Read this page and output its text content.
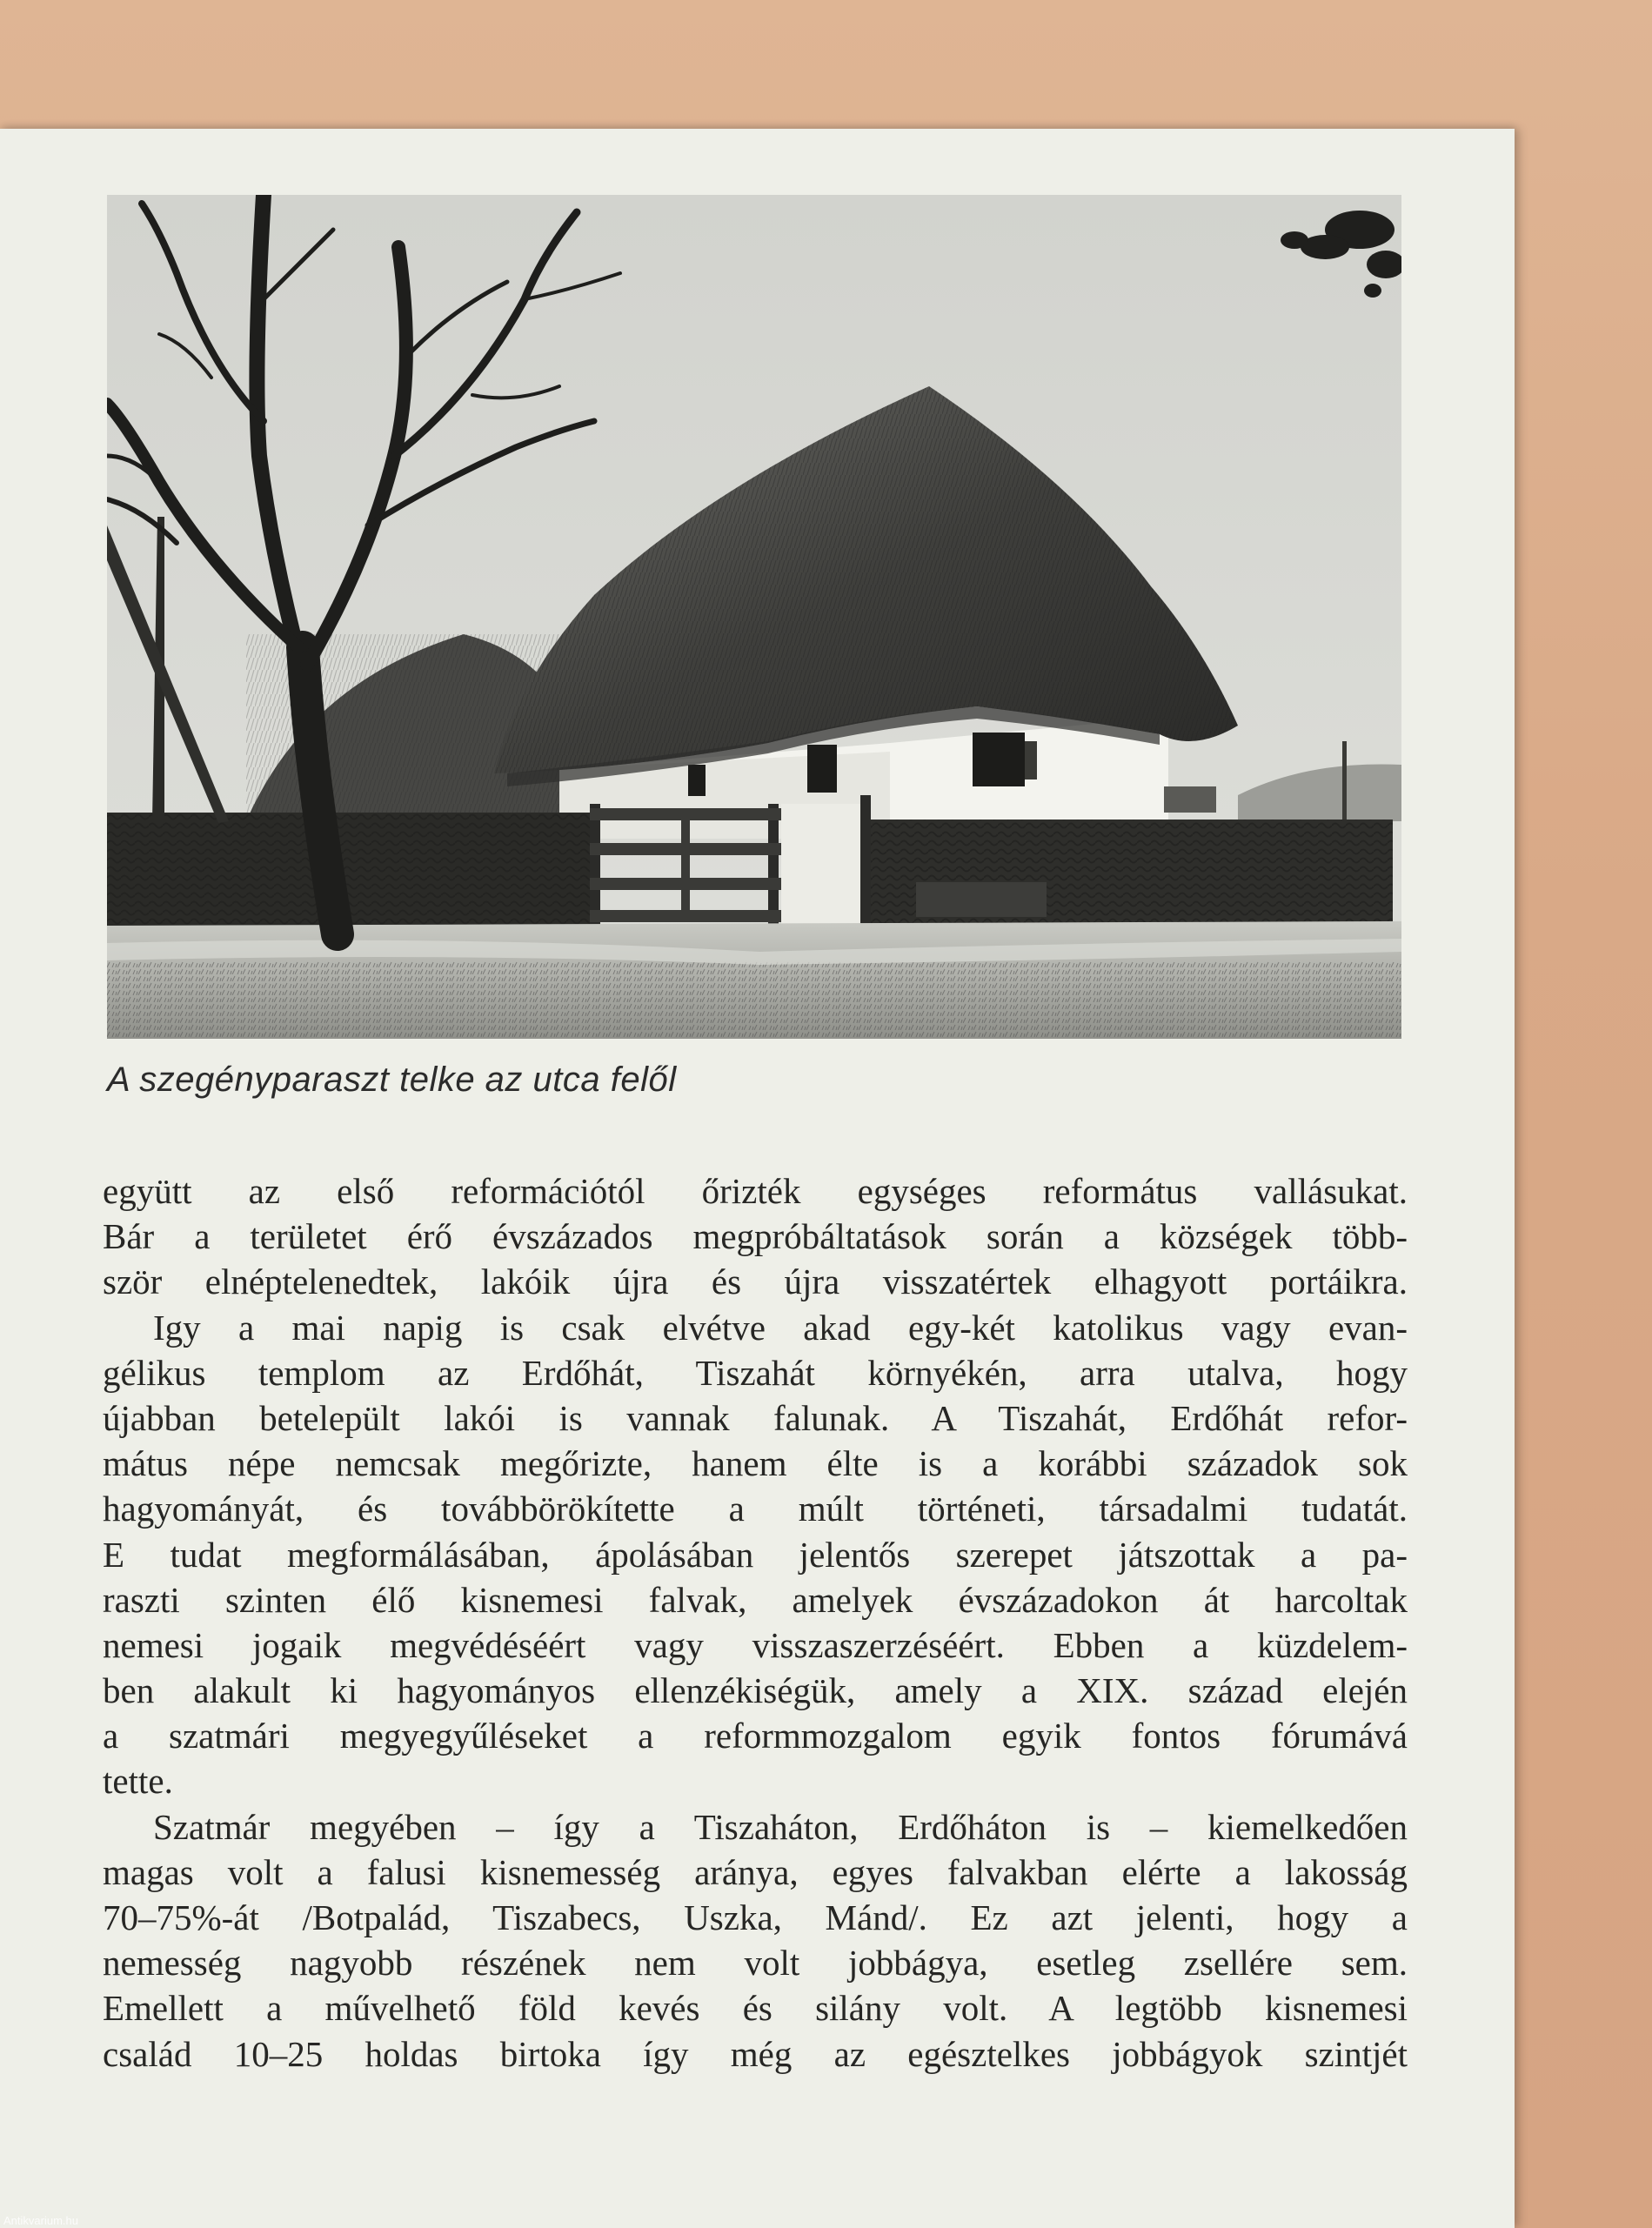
A szegényparaszt telke az utca felől
együtt az első reformációtól őrizték egységes református vallásukat.
Bár a területet érő évszázados megpróbáltatások során a községek több-
ször elnéptelenedtek, lakóik újra és újra visszatértek elhagyott portáikra.
Igy a mai napig is csak elvétve akad egy-két katolikus vagy evan-
gélikus templom az Erdőhát, Tiszahát környékén, arra utalva, hogy
újabban betelepült lakói is vannak falunak. A Tiszahát, Erdőhát refor-
mátus népe nemcsak megőrizte, hanem élte is a korábbi századok sok
hagyományát, és továbbörökítette a múlt történeti, társadalmi tudatát.
E tudat megformálásában, ápolásában jelentős szerepet játszottak a pa-
raszti szinten élő kisnemesi falvak, amelyek évszázadokon át harcoltak
nemesi jogaik megvédéséért vagy visszaszerzéséért. Ebben a küzdelem-
ben alakult ki hagyományos ellenzékiségük, amely a XIX. század elején
a szatmári megyegyűléseket a reformmozgalom egyik fontos fórumává
tette.
Szatmár megyében – így a Tiszaháton, Erdőháton is – kiemelkedően
magas volt a falusi kisnemesség aránya, egyes falvakban elérte a lakosság
70–75%-át /Botpalád, Tiszabecs, Uszka, Mánd/. Ez azt jelenti, hogy a
nemesség nagyobb részének nem volt jobbágya, esetleg zsellére sem.
Emellett a művelhető föld kevés és silány volt. A legtöbb kisnemesi
család 10–25 holdas birtoka így még az egésztelkes jobbágyok szintjét
Antikvarium.hu
